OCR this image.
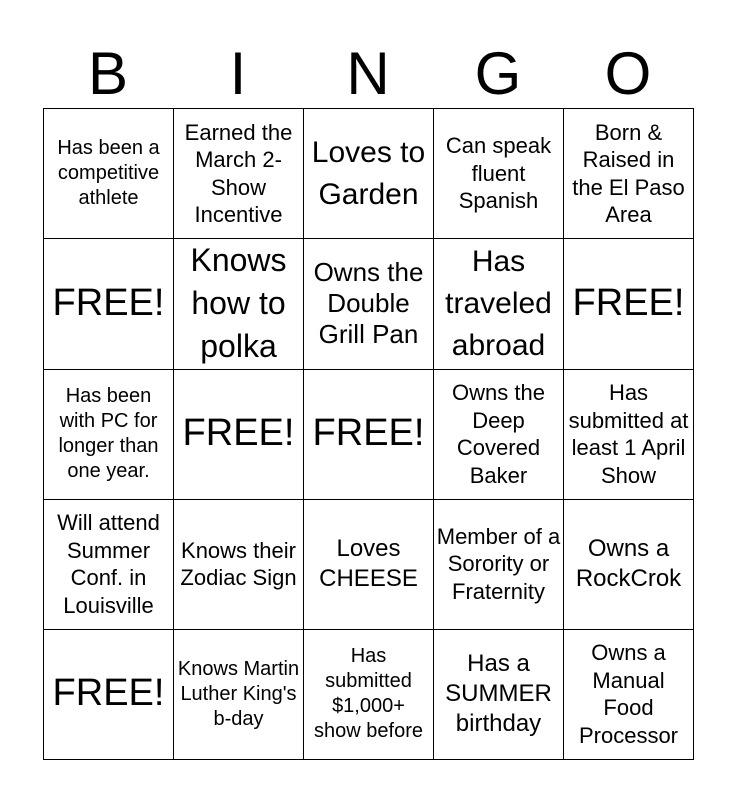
B	I	N	G	O
Has been a competitive athlete	Earned the March 2-Show Incentive	Loves to Garden	Can speak fluent Spanish	Born & Raised in the El Paso Area
FREE!	Knows how to polka	Owns the Double Grill Pan	Has traveled abroad	FREE!
Has been with PC for longer than one year.	FREE!	FREE!	Owns the Deep Covered Baker	Has submitted at least 1 April Show
Will attend Summer Conf. in Louisville	Knows their Zodiac Sign	Loves CHEESE	Member of a Sorority or Fraternity	Owns a RockCrok
FREE!	Knows Martin Luther King's b-day	Has submitted $1,000+ show before	Has a SUMMER birthday	Owns a Manual Food Processor
